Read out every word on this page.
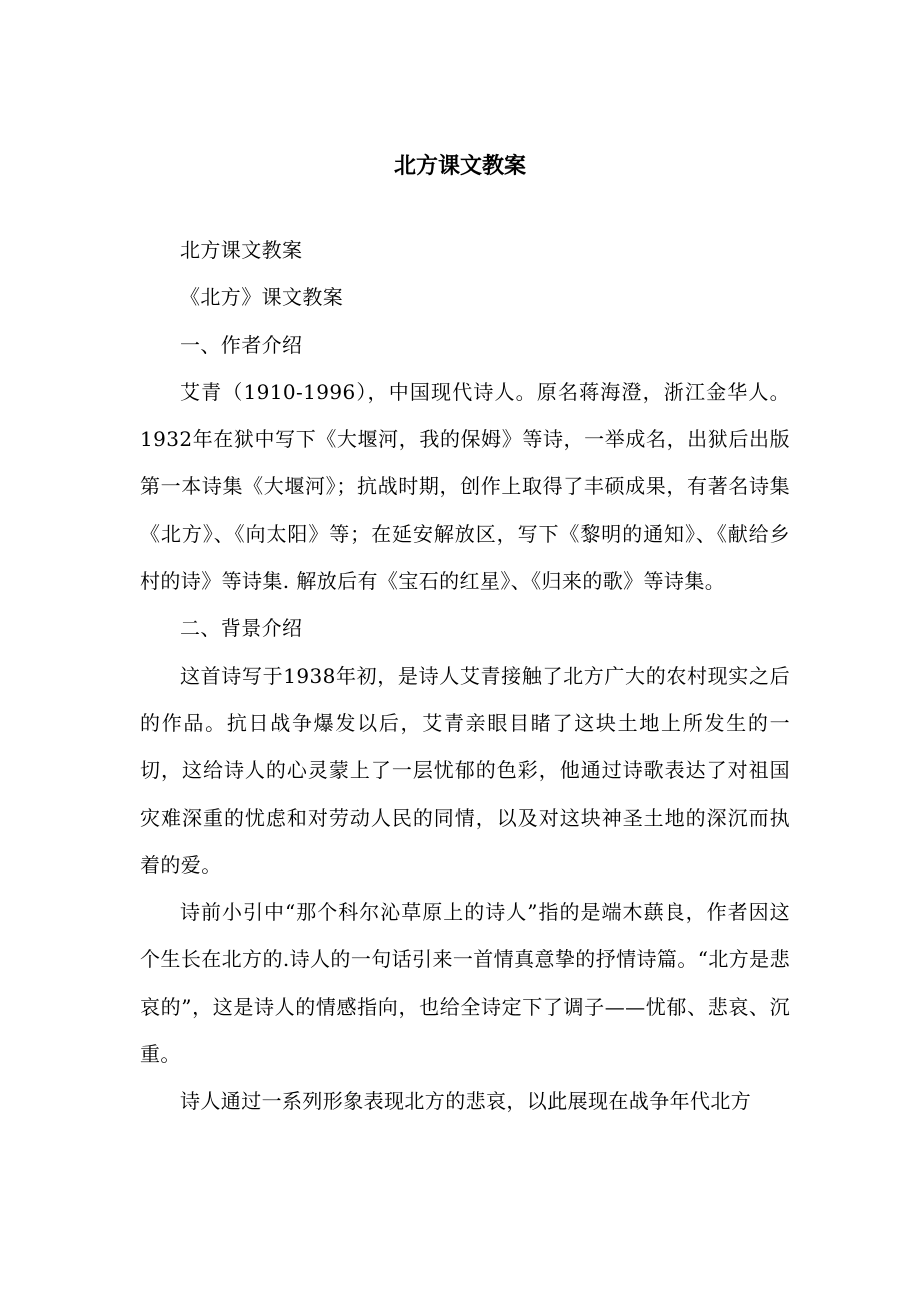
北方课文教案

北方课文教案

《北方》课文教案

一、作者介绍

艾青（1910-1996），中国现代诗人。原名蒋海澄，浙江金华人。1932年在狱中写下《大堰河，我的保姆》等诗，一举成名，出狱后出版第一本诗集《大堰河》；抗战时期，创作上取得了丰硕成果，有著名诗集《北方》、《向太阳》等；在延安解放区，写下《黎明的通知》、《献给乡村的诗》等诗集. 解放后有《宝石的红星》、《归来的歌》等诗集。

二、背景介绍

这首诗写于1938年初，是诗人艾青接触了北方广大的农村现实之后的作品。抗日战争爆发以后，艾青亲眼目睹了这块土地上所发生的一切，这给诗人的心灵蒙上了一层忧郁的色彩，他通过诗歌表达了对祖国灾难深重的忧虑和对劳动人民的同情，以及对这块神圣土地的深沉而执着的爱。

诗前小引中“那个科尔沁草原上的诗人”指的是端木蕻良，作者因这个生长在北方的.诗人的一句话引来一首情真意挚的抒情诗篇。“北方是悲哀的”，这是诗人的情感指向，也给全诗定下了调子——忧郁、悲哀、沉重。

诗人通过一系列形象表现北方的悲哀，以此展现在战争年代北方
